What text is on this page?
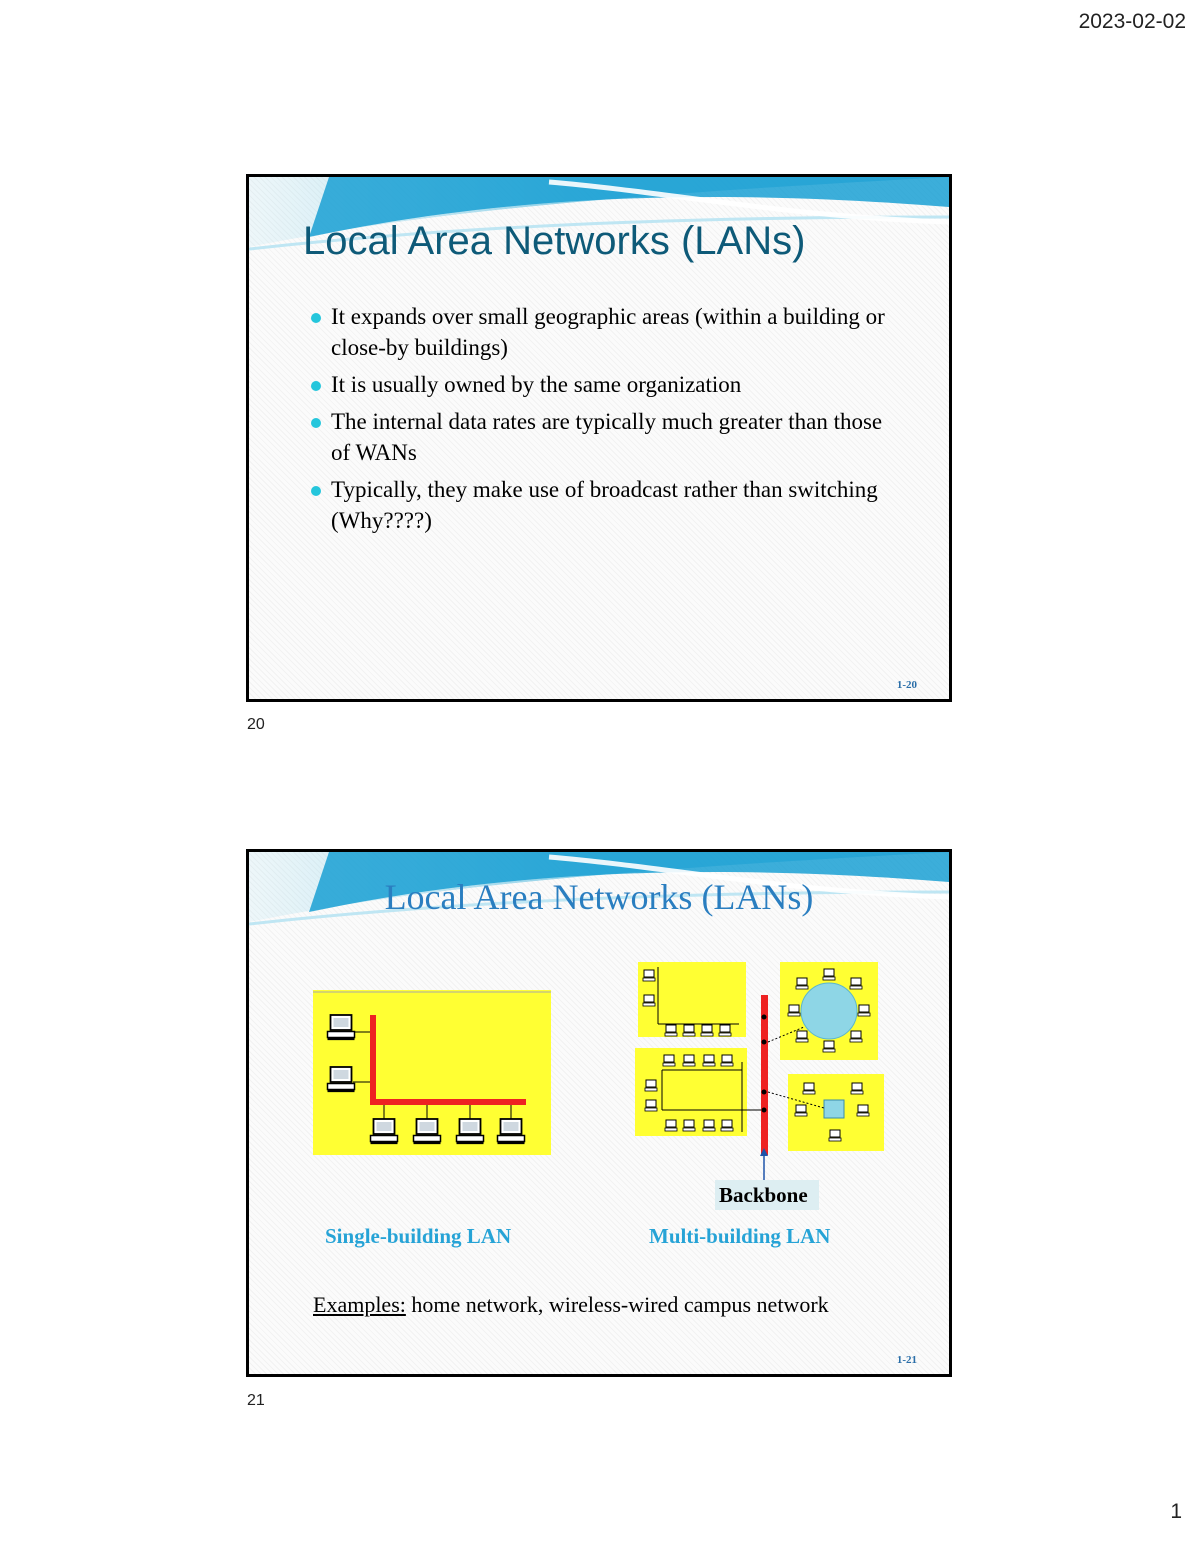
2023-02-02
Local Area Networks (LANs)
It expands over small geographic areas (within a building or close-by buildings)
It is usually owned by the same organization
The internal data rates are typically much greater than those of WANs
Typically, they make use of broadcast rather than switching (Why????)
1-20
20
Local Area Networks (LANs)
Backbone
Single-building LAN	Multi-building LAN
Examples: home network, wireless-wired campus network
1-21
21
1
